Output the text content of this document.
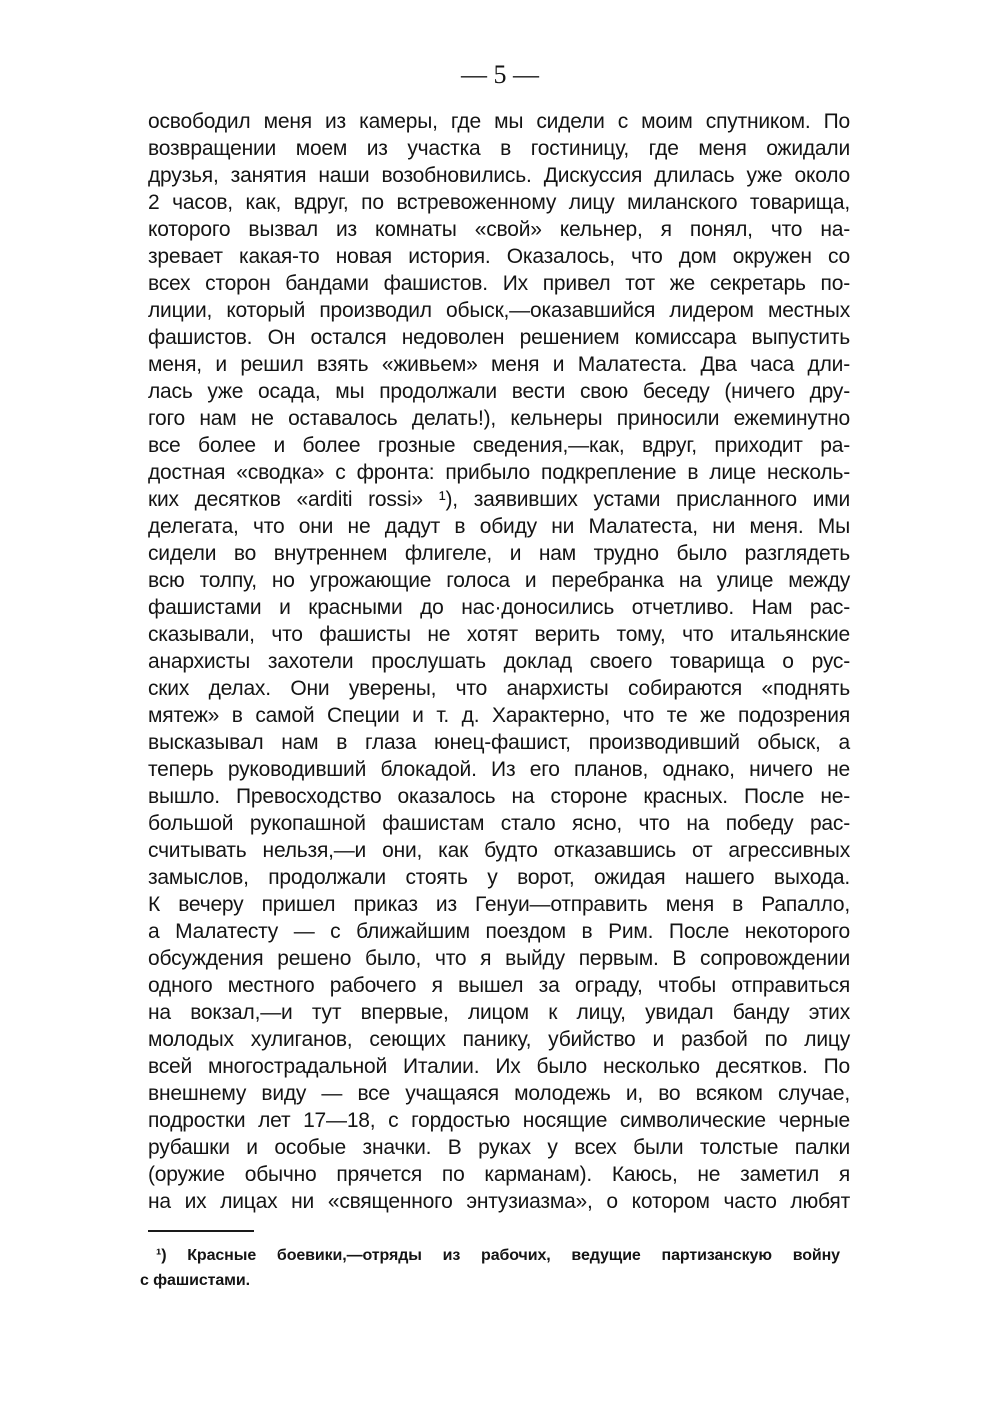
— 5 —
освободил меня из камеры, где мы сидели с моим спутником. По
возвращении моем из участка в гостиницу, где меня ожидали
друзья, занятия наши возобновились. Дискуссия длилась уже около
2 часов, как, вдруг, по встревоженному лицу миланского товарища,
которого вызвал из комнаты «свой» кельнер, я понял, что на-
зревает какая-то новая история. Оказалось, что дом окружен со
всех сторон бандами фашистов. Их привел тот же секретарь по-
лиции, который производил обыск,—оказавшийся лидером местных
фашистов. Он остался недоволен решением комиссара выпустить
меня, и решил взять «живьем» меня и Малатеста. Два часа дли-
лась уже осада, мы продолжали вести свою беседу (ничего дру-
гого нам не оставалось делать!), кельнеры приносили ежеминутно
все более и более грозные сведения,—как, вдруг, приходит ра-
достная «сводка» с фронта: прибыло подкрепление в лице несколь-
ких десятков «arditi rossi» ¹), заявивших устами присланного ими
делегата, что они не дадут в обиду ни Малатеста, ни меня. Мы
сидели во внутреннем флигеле, и нам трудно было разглядеть
всю толпу, но угрожающие голоса и перебранка на улице между
фашистами и красными до нас·доносились отчетливо. Нам рас-
сказывали, что фашисты не хотят верить тому, что итальянские
анархисты захотели прослушать доклад своего товарища о рус-
ских делах. Они уверены, что анархисты собираются «поднять
мятеж» в самой Специи и т. д. Характерно, что те же подозрения
высказывал нам в глаза юнец-фашист, производивший обыск, а
теперь руководивший блокадой. Из его планов, однако, ничего не
вышло. Превосходство оказалось на стороне красных. После не-
большой рукопашной фашистам стало ясно, что на победу рас-
считывать нельзя,—и они, как будто отказавшись от агрессивных
замыслов, продолжали стоять у ворот, ожидая нашего выхода.
К вечеру пришел приказ из Генуи—отправить меня в Рапалло,
а Малатесту — с ближайшим поездом в Рим. После некоторого
обсуждения решено было, что я выйду первым. В сопровождении
одного местного рабочего я вышел за ограду, чтобы отправиться
на вокзал,—и тут впервые, лицом к лицу, увидал банду этих
молодых хулиганов, сеющих панику, убийство и разбой по лицу
всей многострадальной Италии. Их было несколько десятков. По
внешнему виду — все учащаяся молодежь и, во всяком случае,
подростки лет 17—18, с гордостью носящие символические черные
рубашки и особые значки. В руках у всех были толстые палки
(оружие обычно прячется по карманам). Каюсь, не заметил я
на их лицах ни «священного энтузиазма», о котором часто любят
¹) Красные боевики,—отряды из рабочих, ведущие партизанскую войну
с фашистами.
